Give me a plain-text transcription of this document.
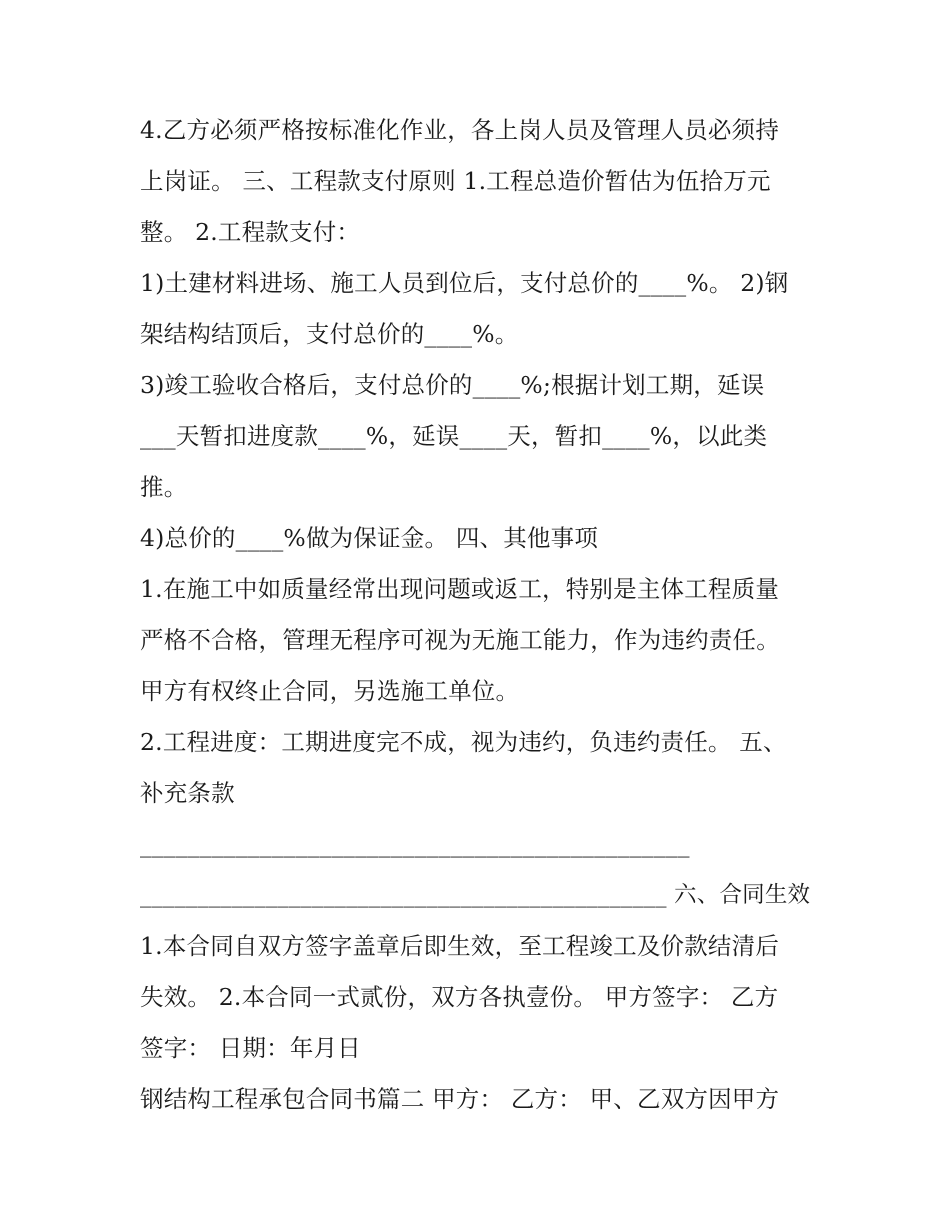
4.乙方必须严格按标准化作业，各上岗人员及管理人员必须持
上岗证。 三、工程款支付原则 1.工程总造价暂估为伍拾万元
整。 2.工程款支付：
1)土建材料进场、施工人员到位后，支付总价的____%。 2)钢
架结构结顶后，支付总价的____%。
3)竣工验收合格后，支付总价的____%;根据计划工期，延误
___天暂扣进度款____%，延误____天，暂扣____%，以此类
推。
4)总价的____%做为保证金。 四、其他事项
1.在施工中如质量经常出现问题或返工，特别是主体工程质量
严格不合格，管理无程序可视为无施工能力，作为违约责任。
甲方有权终止合同，另选施工单位。
2.工程进度：工期进度完不成，视为违约，负违约责任。 五、
补充条款
______________________________________________
______________________________________________ 六、合同生效
1.本合同自双方签字盖章后即生效，至工程竣工及价款结清后
失效。 2.本合同一式贰份，双方各执壹份。 甲方签字： 乙方
签字： 日期：年月日
钢结构工程承包合同书篇二 甲方： 乙方： 甲、乙双方因甲方
